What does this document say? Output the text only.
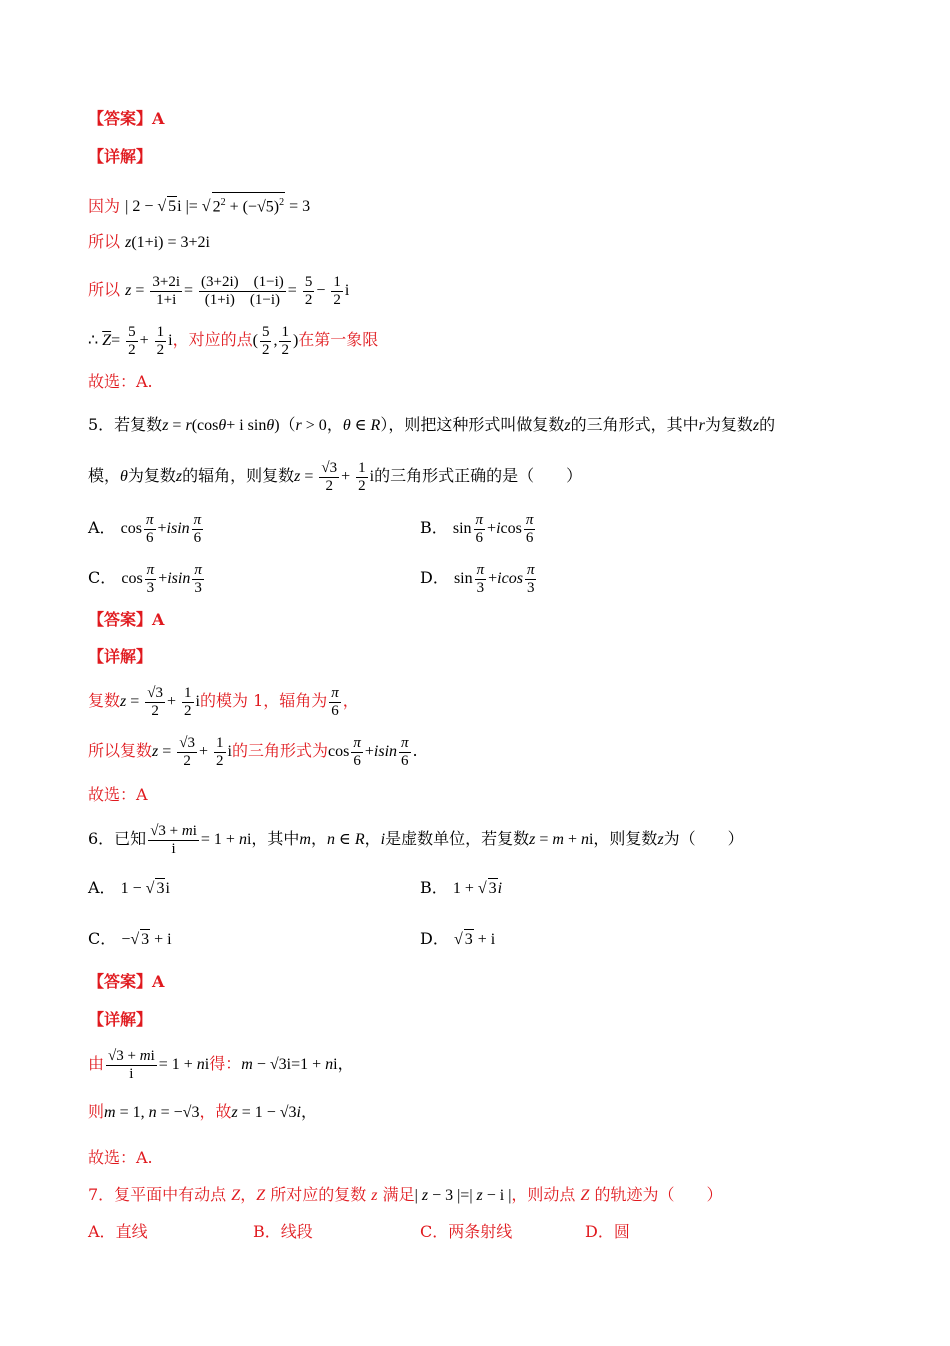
【答案】A
【详解】
因为 | 2 − √ 5i |= √ $2^2 + (-√5)^2 = 3$
所以 z(1+i) = 3+2i
所以 $z = \frac{3+2i}{1+i} = \frac{(3+2i) (1-i)}{(1+i) (1-i)} = \frac{5}{2} - \frac{1}{2}$ i
∴ $\overline{Z}= \frac{5}{2} + \frac{1}{2}$ i，对应的点( $\frac{5}{2}$ , $\frac{1}{2}$ )在第一象限
故选：A.
5．若复数z = r(cosθ+ i sinθ)（r > 0，θ ∈ R），则把这种形式叫做复数z的三角形式，其中r为复数z的
模，θ为复数z的辐角，则复数$z = \frac{√3}{2} + \frac{1}{2}$ i的三角形式正确的是（　　）
A． $\cos \frac{\pi}{6} +isin \frac{\pi}{6}$	B． $\sin \frac{\pi}{6} +icos \frac{\pi}{6}$
C． $\cos \frac{\pi}{3} +isin \frac{\pi}{3}$	D． $\sin \frac{\pi}{3} +icos \frac{\pi}{3}$
【答案】A
【详解】
复数$z = \frac{√3}{2} + \frac{1}{2}$ i的模为 1，辐角为 $\frac{\pi}{6}$ ，
所以复数$z = \frac{√3}{2} + \frac{1}{2}$ i的三角形式为$\cos \frac{\pi}{6} +isin \frac{\pi}{6}$ .
故选：A
6．已知 $\frac{√3 + mi}{i} = 1$ + ni，其中m，n ∈ R，i是虚数单位，若复数z = m + ni，则复数z为（　　）
A． 1 − √ 3i	B． 1 + √ 3i
C． −√ 3 + i	D． √ 3 + i
【答案】A
【详解】
由 $\frac{√3 + mi}{i} = 1$ + ni得：m − √3i=1 + ni，
则m = 1, n = −√3，故z = 1 − √3i，
故选：A.
7．复平面中有动点 Z，Z 所对应的复数 z 满足| z − 3 |=| z − i |，则动点 Z 的轨迹为（　　）
A．直线	B．线段	C．两条射线	D．圆
